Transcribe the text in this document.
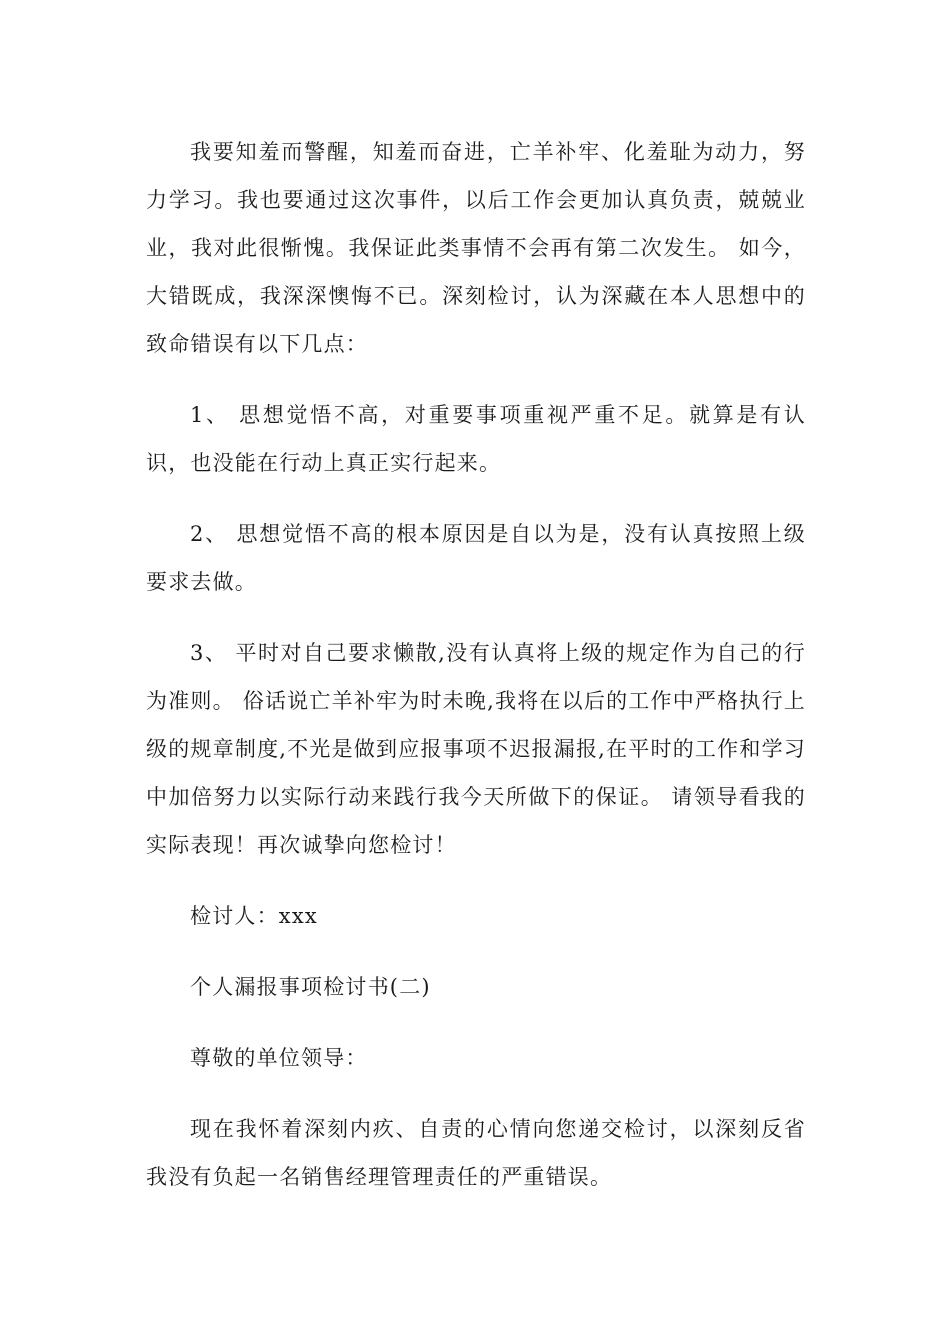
我要知羞而警醒，知羞而奋进，亡羊补牢、化羞耻为动力，努力学习。我也要通过这次事件，以后工作会更加认真负责，兢兢业业，我对此很惭愧。我保证此类事情不会再有第二次发生。 如今，大错既成，我深深懊悔不已。深刻检讨，认为深藏在本人思想中的致命错误有以下几点：

1、 思想觉悟不高，对重要事项重视严重不足。就算是有认识，也没能在行动上真正实行起来。

2、 思想觉悟不高的根本原因是自以为是，没有认真按照上级要求去做。

3、 平时对自己要求懒散,没有认真将上级的规定作为自己的行为准则。 俗话说亡羊补牢为时未晚,我将在以后的工作中严格执行上级的规章制度,不光是做到应报事项不迟报漏报,在平时的工作和学习中加倍努力以实际行动来践行我今天所做下的保证。 请领导看我的实际表现！再次诚挚向您检讨！

检讨人：xxx

个人漏报事项检讨书(二)

尊敬的单位领导：

现在我怀着深刻内疚、自责的心情向您递交检讨，以深刻反省我没有负起一名销售经理管理责任的严重错误。
